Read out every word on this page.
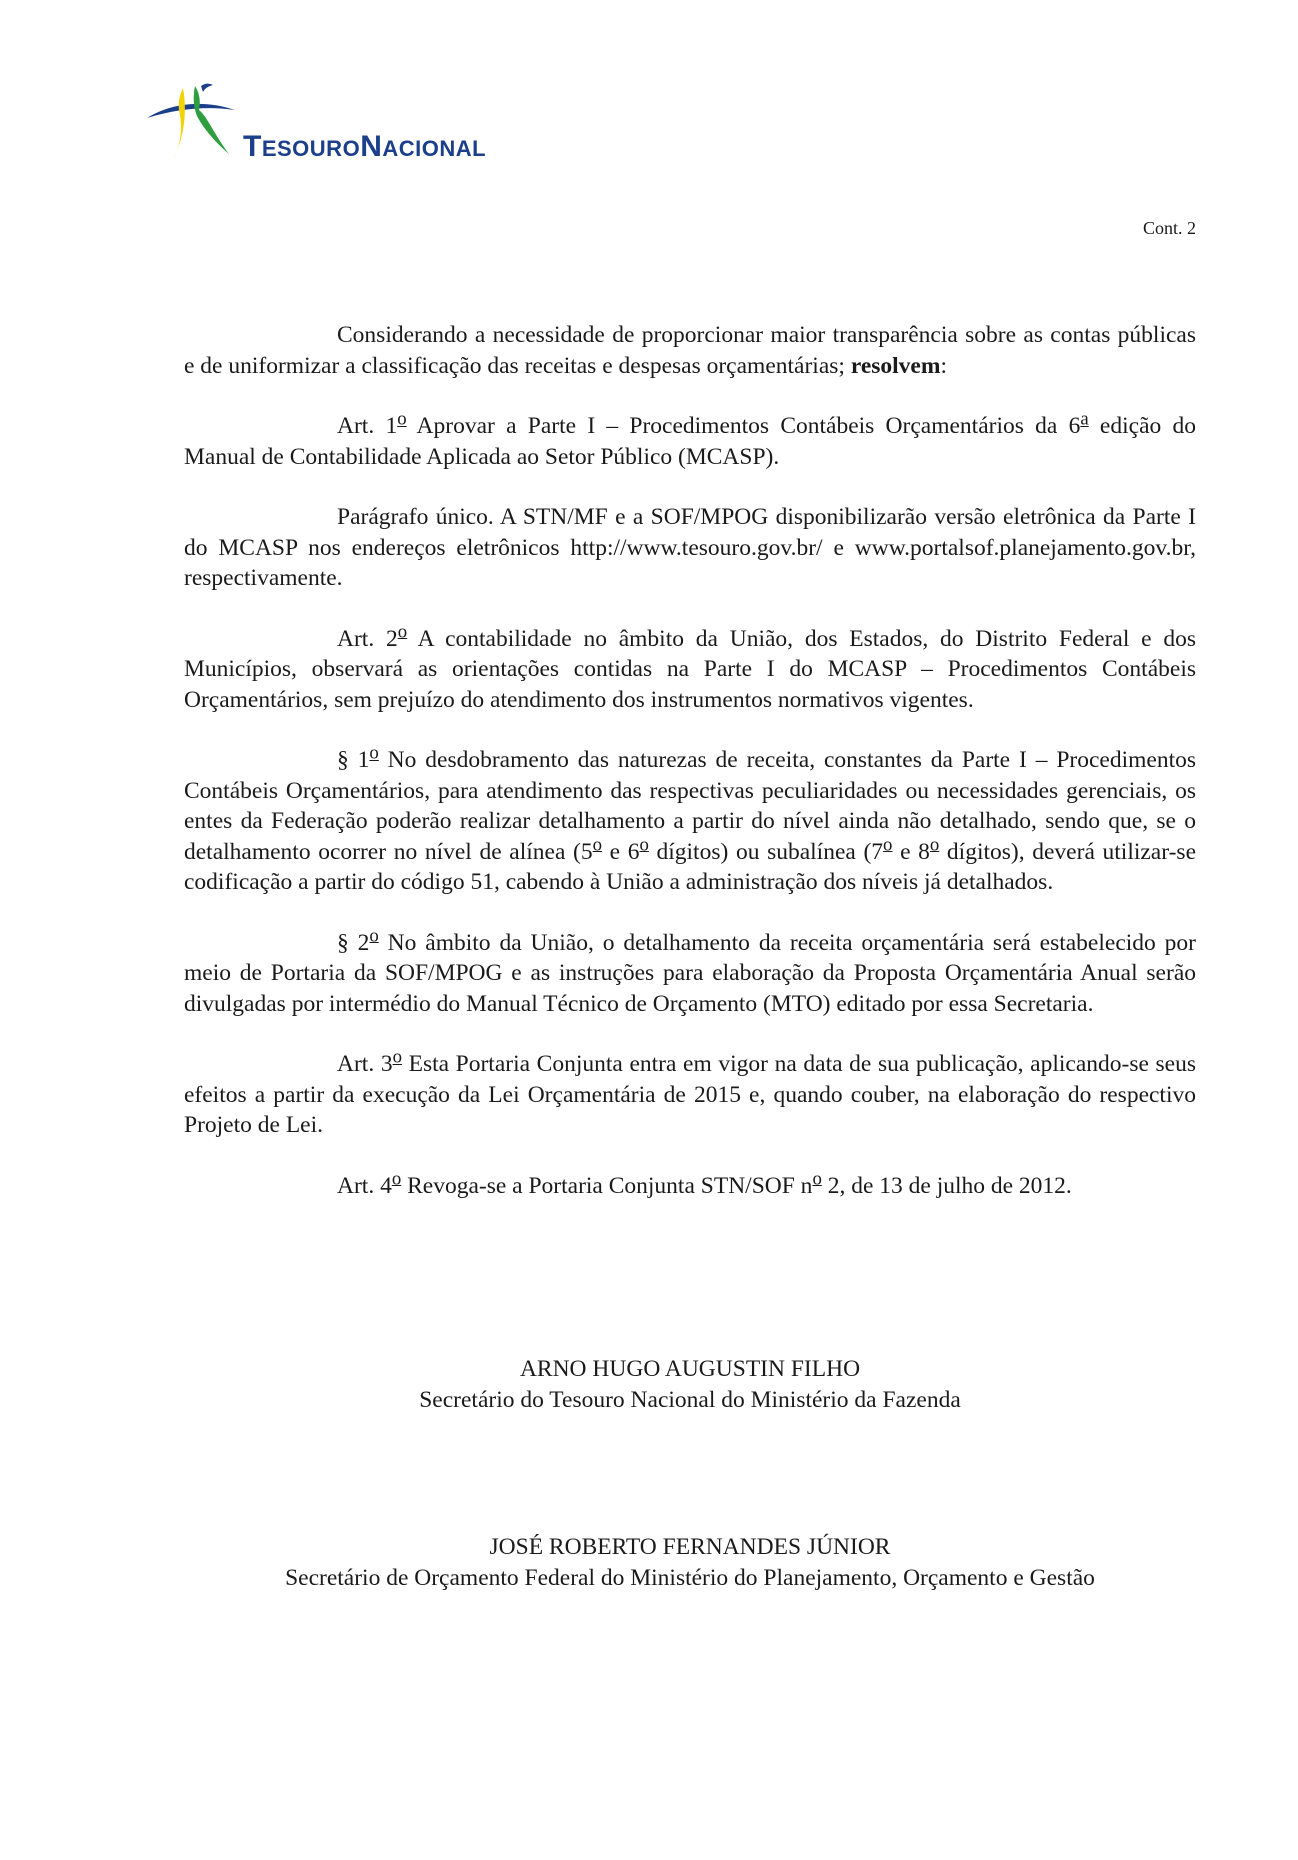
TESOURONACIONAL
Cont. 2

Considerando a necessidade de proporcionar maior transparência sobre as contas públicas e de uniformizar a classificação das receitas e despesas orçamentárias; resolvem:

Art. 1$^o$ Aprovar a Parte I – Procedimentos Contábeis Orçamentários da 6$^a$ edição do Manual de Contabilidade Aplicada ao Setor Público (MCASP).

Parágrafo único. A STN/MF e a SOF/MPOG disponibilizarão versão eletrônica da Parte I do MCASP nos endereços eletrônicos http://www.tesouro.gov.br/ e www.portalsof.planejamento.gov.br, respectivamente.

Art. 2$^o$ A contabilidade no âmbito da União, dos Estados, do Distrito Federal e dos Municípios, observará as orientações contidas na Parte I do MCASP – Procedimentos Contábeis Orçamentários, sem prejuízo do atendimento dos instrumentos normativos vigentes.

§ 1$^o$ No desdobramento das naturezas de receita, constantes da Parte I – Procedimentos Contábeis Orçamentários, para atendimento das respectivas peculiaridades ou necessidades gerenciais, os entes da Federação poderão realizar detalhamento a partir do nível ainda não detalhado, sendo que, se o detalhamento ocorrer no nível de alínea (5$^o$ e 6$^o$ dígitos) ou subalínea (7$^o$ e 8$^o$ dígitos), deverá utilizar-se codificação a partir do código 51, cabendo à União a administração dos níveis já detalhados.

§ 2$^o$ No âmbito da União, o detalhamento da receita orçamentária será estabelecido por meio de Portaria da SOF/MPOG e as instruções para elaboração da Proposta Orçamentária Anual serão divulgadas por intermédio do Manual Técnico de Orçamento (MTO) editado por essa Secretaria.

Art. 3$^o$ Esta Portaria Conjunta entra em vigor na data de sua publicação, aplicando-se seus efeitos a partir da execução da Lei Orçamentária de 2015 e, quando couber, na elaboração do respectivo Projeto de Lei.

Art. 4$^o$ Revoga-se a Portaria Conjunta STN/SOF $n^o$ 2, de 13 de julho de 2012.

ARNO HUGO AUGUSTIN FILHO
Secretário do Tesouro Nacional do Ministério da Fazenda
JOSÉ ROBERTO FERNANDES JÚNIOR
Secretário de Orçamento Federal do Ministério do Planejamento, Orçamento e Gestão
